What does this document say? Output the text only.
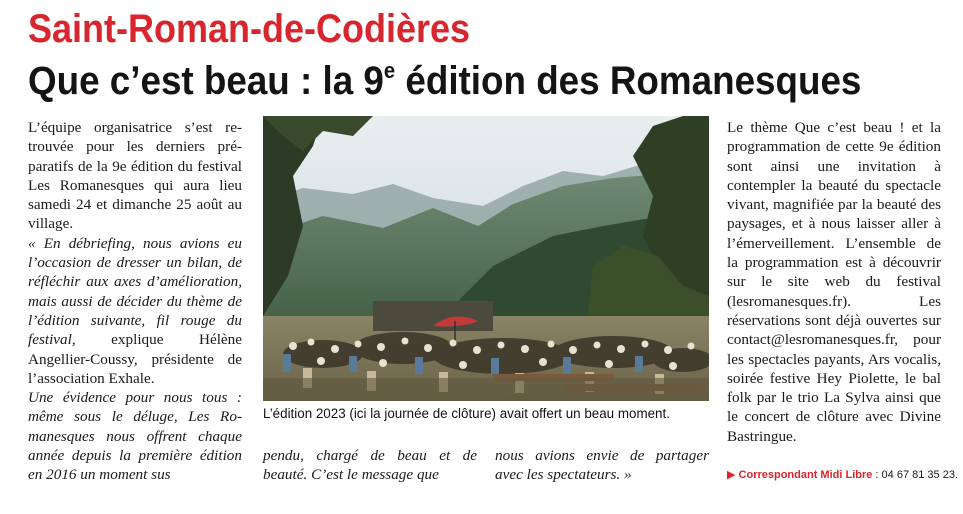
Saint-Roman-de-Codières
Que c’est beau : la 9e édition des Romanesques

L’équipe organisatrice s’est retrouvée pour les derniers préparatifs de la 9e édition du festival Les Romanesques qui aura lieu samedi 24 et dimanche 25 août au village.

« En débriefing, nous avions eu l’occasion de dresser un bilan, de réfléchir aux axes d’amélioration, mais aussi de décider du thème de l’édition suivante, fil rouge du festival, explique Hélène Angellier-Coussy, présidente de l’association Exhale.

Une évidence pour nous tous : même sous le déluge, Les Romanesques nous offrent chaque année depuis la première édition en 2016 un moment sus

L’édition 2023 (ici la journée de clôture) avait offert un beau moment.

pendu, chargé de beau et de beauté. C’est le message que

nous avions envie de partager avec les spectateurs. »

Le thème Que c’est beau ! et la programmation de cette 9e édition sont ainsi une invitation à contempler la beauté du spectacle vivant, magnifiée par la beauté des paysages, et à nous laisser aller à l’émerveillement. L’ensemble de la programmation est à découvrir sur le site web du festival (lesromanesques.fr). Les réservations sont déjà ouvertes sur contact@lesromanesques.fr, pour les spectacles payants, Ars vocalis, soirée festive Hey Piolette, le bal folk par le trio La Sylva ainsi que le concert de clôture avec Divine Bastringue.

▶ Correspondant Midi Libre : 04 67 81 35 23.
